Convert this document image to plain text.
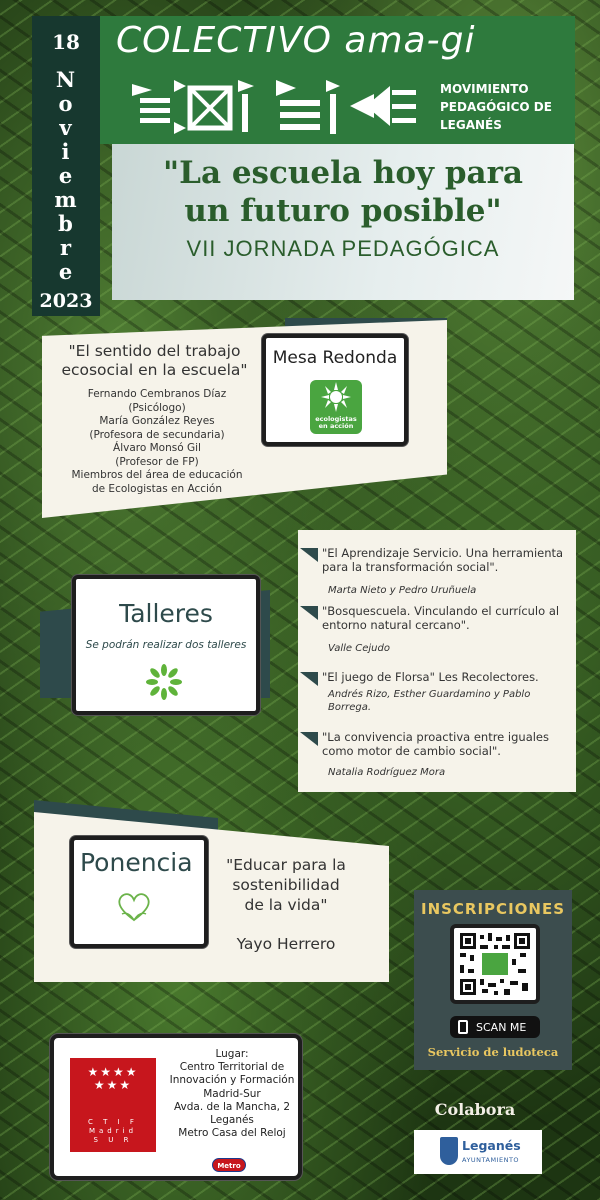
18
N
o
v
i
e
m
b
r
e
2023
COLECTIVO ama-gi
MOVIMIENTO
PEDAGÓGICO DE
LEGANÉS
"La escuela hoy para
un futuro posible"
VII JORNADA PEDAGÓGICA
"El sentido del trabajo
ecosocial en la escuela"
Fernando Cembranos Díaz
(Psicólogo)
María González Reyes
(Profesora de secundaria)
Álvaro Monsó Gil
(Profesor de FP)
Miembros del área de educación
de Ecologistas en Acción
Mesa Redonda
ecologistas
en acción
Talleres
Se podrán realizar dos talleres
"El Aprendizaje Servicio. Una herramienta para la transformación social".
Marta Nieto y Pedro Uruñuela
"Bosquescuela. Vinculando el currículo al entorno natural cercano".
Valle Cejudo
"El juego de Florsa" Les Recolectores.
Andrés Rizo, Esther Guardamino y Pablo Borrega.
"La convivencia proactiva entre iguales como motor de cambio social".
Natalia Rodríguez Mora
Ponencia	"Educar para la
sostenibilidad
de la vida"
Yayo Herrero
INSCRIPCIONES
SCAN ME
Servicio de ludoteca
★★★★
★★★
C T I F
Madrid
S U R
Lugar:
Centro Territorial de
Innovación y Formación
Madrid-Sur
Avda. de la Mancha, 2
Leganés
Metro Casa del Reloj
Metro
Colabora
Leganés
AYUNTAMIENTO
